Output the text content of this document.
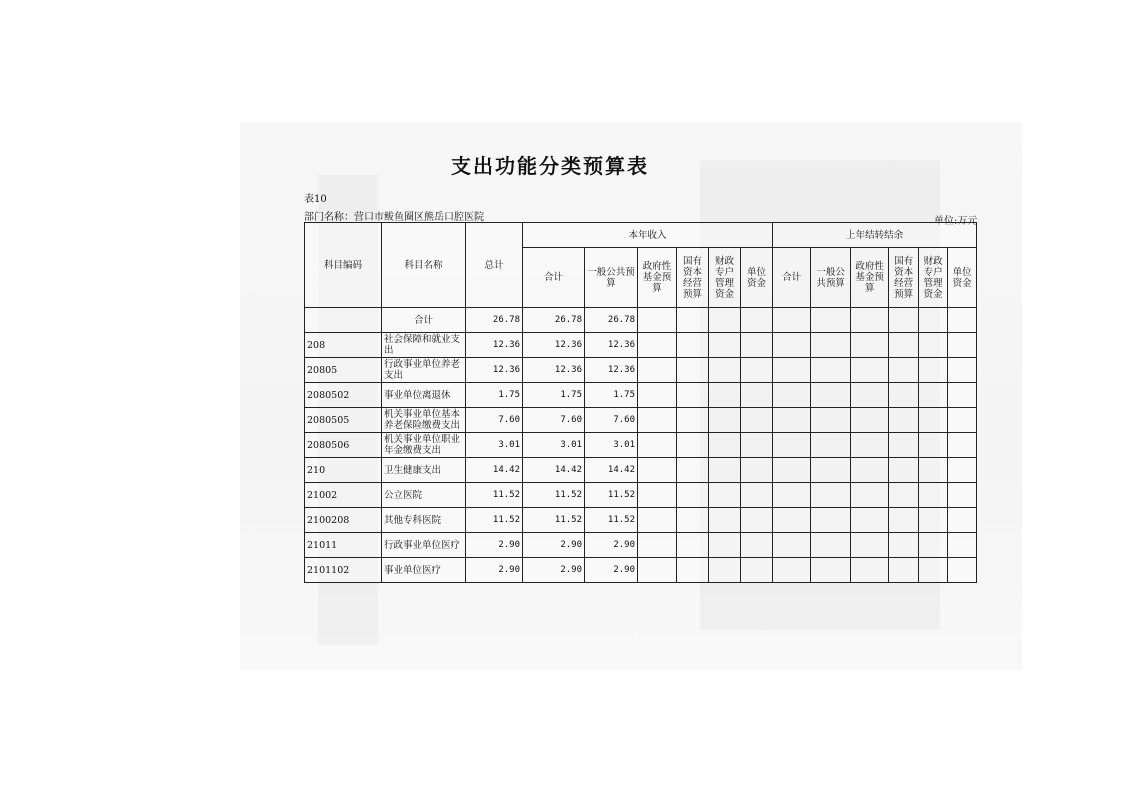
支出功能分类预算表
表10
部门名称：营口市鲅鱼圈区熊岳口腔医院	单位:万元
科目编码	科目名称	总计	本年收入						上年结转结余					
			合计	一般公共预算	政府性基金预算	国有资本经营预算	财政专户管理资金	单位资金	合计	一般公共预算	政府性基金预算	国有资本经营预算	财政专户管理资金	单位资金
	合计	26.78	26.78	26.78										
208	社会保障和就业支出	12.36	12.36	12.36										
20805	行政事业单位养老支出	12.36	12.36	12.36										
2080502	事业单位离退休	1.75	1.75	1.75										
2080505	机关事业单位基本养老保险缴费支出	7.60	7.60	7.60										
2080506	机关事业单位职业年金缴费支出	3.01	3.01	3.01										
210	卫生健康支出	14.42	14.42	14.42										
21002	公立医院	11.52	11.52	11.52										
2100208	其他专科医院	11.52	11.52	11.52										
21011	行政事业单位医疗	2.90	2.90	2.90										
2101102	事业单位医疗	2.90	2.90	2.90										
